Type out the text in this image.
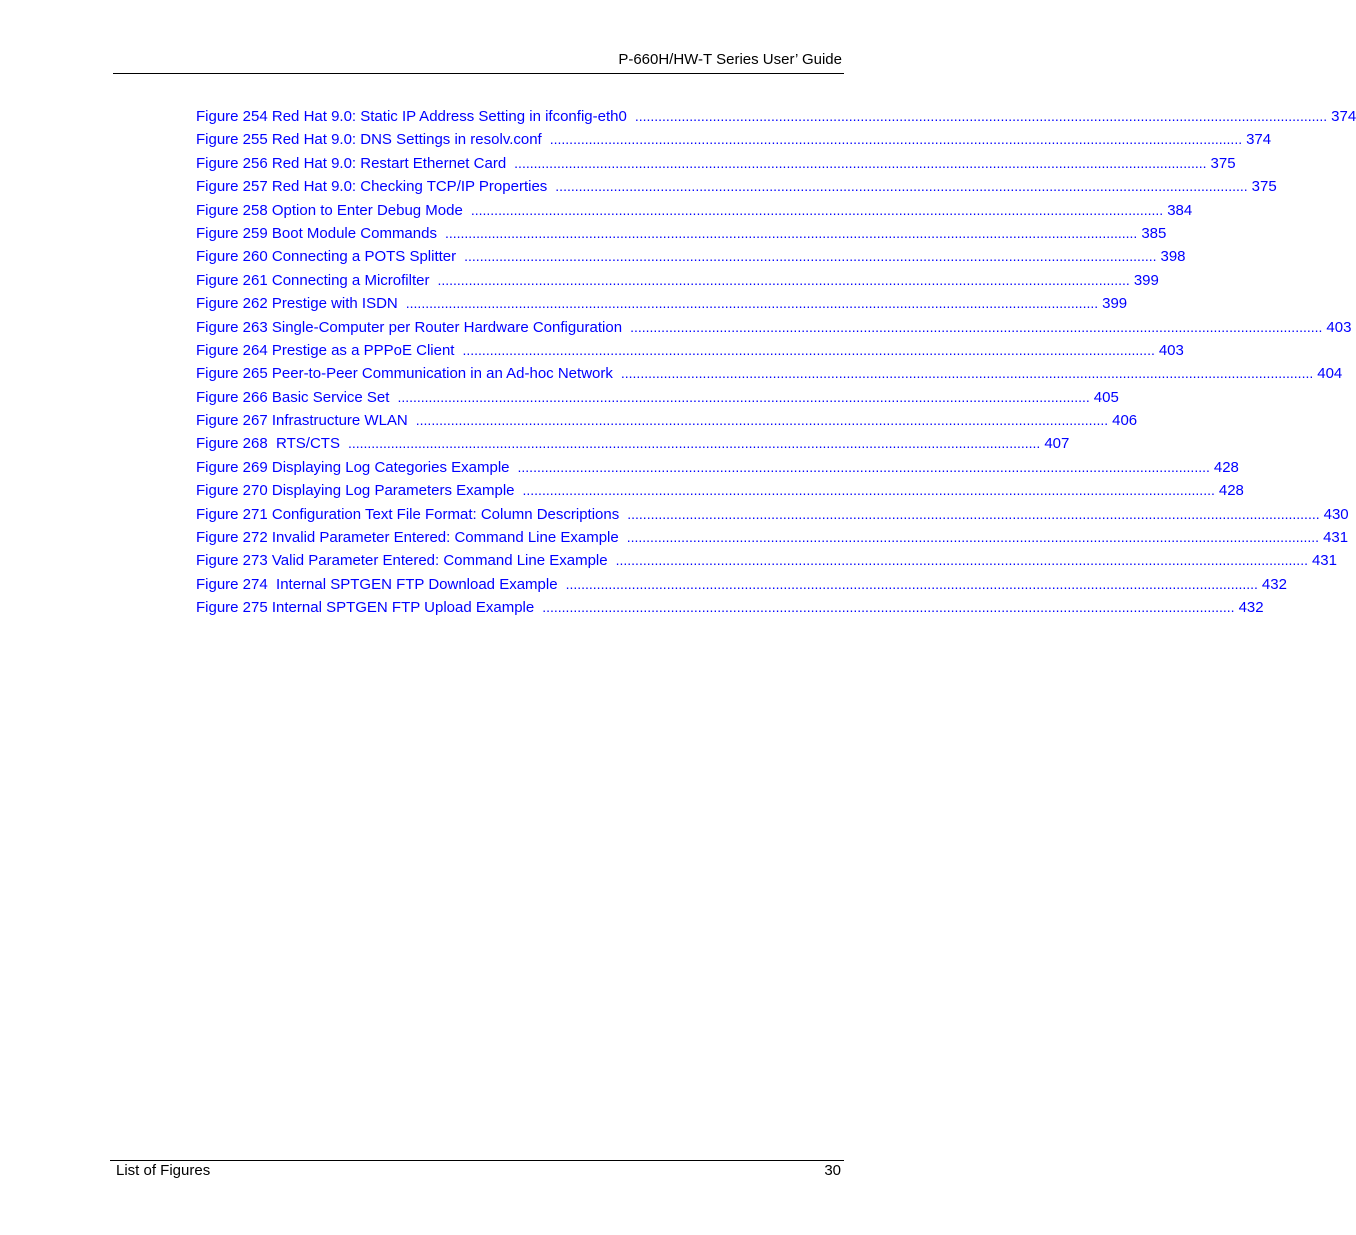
P-660H/HW-T Series User’ Guide
Figure 254 Red Hat 9.0: Static IP Address Setting in ifconfig-eth0 .................................................................................................................................................................................. 374
Figure 255 Red Hat 9.0: DNS Settings in resolv.conf .................................................................................................................................................................................. 374
Figure 256 Red Hat 9.0: Restart Ethernet Card .................................................................................................................................................................................. 375
Figure 257 Red Hat 9.0: Checking TCP/IP Properties .................................................................................................................................................................................. 375
Figure 258 Option to Enter Debug Mode .................................................................................................................................................................................. 384
Figure 259 Boot Module Commands .................................................................................................................................................................................. 385
Figure 260 Connecting a POTS Splitter .................................................................................................................................................................................. 398
Figure 261 Connecting a Microfilter .................................................................................................................................................................................. 399
Figure 262 Prestige with ISDN .................................................................................................................................................................................. 399
Figure 263 Single-Computer per Router Hardware Configuration .................................................................................................................................................................................. 403
Figure 264 Prestige as a PPPoE Client .................................................................................................................................................................................. 403
Figure 265 Peer-to-Peer Communication in an Ad-hoc Network .................................................................................................................................................................................. 404
Figure 266 Basic Service Set .................................................................................................................................................................................. 405
Figure 267 Infrastructure WLAN .................................................................................................................................................................................. 406
Figure 268  RTS/CTS .................................................................................................................................................................................. 407
Figure 269 Displaying Log Categories Example .................................................................................................................................................................................. 428
Figure 270 Displaying Log Parameters Example .................................................................................................................................................................................. 428
Figure 271 Configuration Text File Format: Column Descriptions .................................................................................................................................................................................. 430
Figure 272 Invalid Parameter Entered: Command Line Example .................................................................................................................................................................................. 431
Figure 273 Valid Parameter Entered: Command Line Example .................................................................................................................................................................................. 431
Figure 274  Internal SPTGEN FTP Download Example .................................................................................................................................................................................. 432
Figure 275 Internal SPTGEN FTP Upload Example .................................................................................................................................................................................. 432
List of Figures	30
